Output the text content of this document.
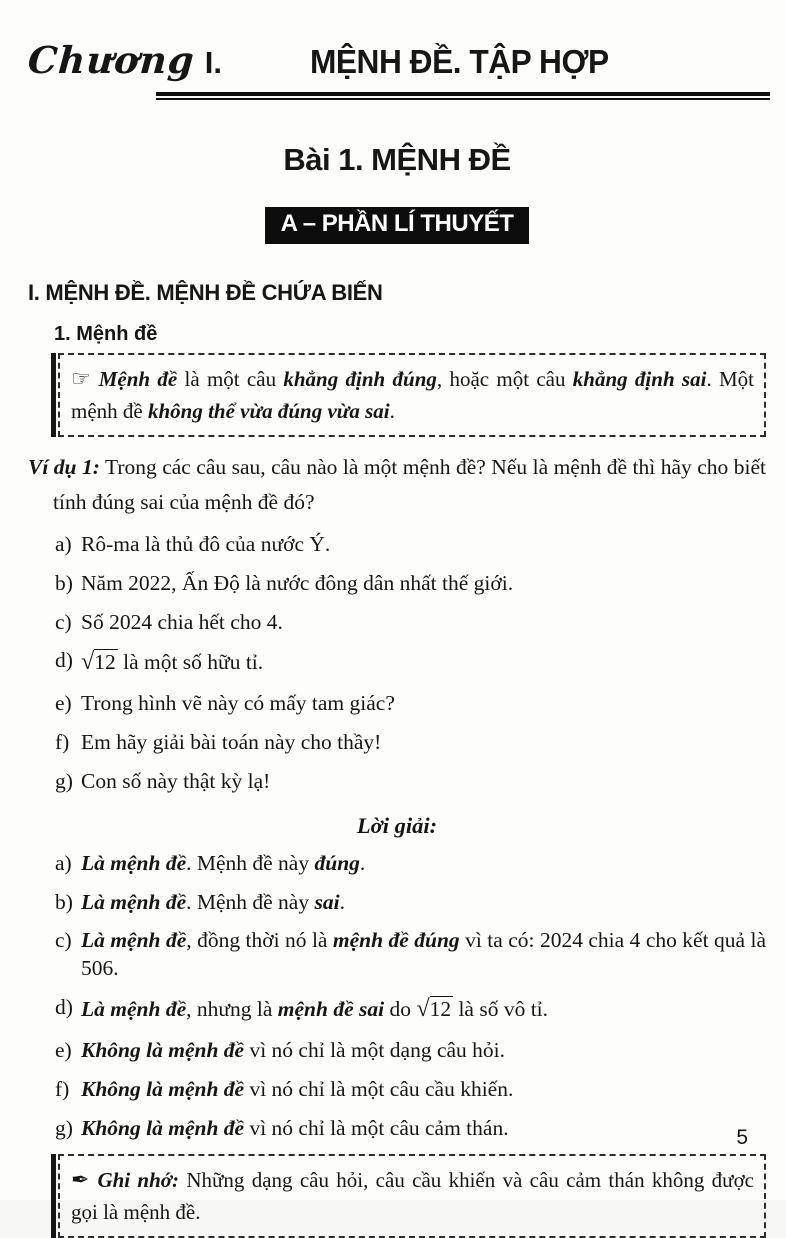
Chương I.	MỆNH ĐỀ. TẬP HỢP
Bài 1. MỆNH ĐỀ
A – PHẦN LÍ THUYẾT
I. MỆNH ĐỀ. MỆNH ĐỀ CHỨA BIẾN
1. Mệnh đề
☞ Mệnh đề là một câu khẳng định đúng, hoặc một câu khẳng định sai. Một mệnh đề không thể vừa đúng vừa sai.

Ví dụ 1: Trong các câu sau, câu nào là một mệnh đề? Nếu là mệnh đề thì hãy cho biết tính đúng sai của mệnh đề đó?

a) Rô-ma là thủ đô của nước Ý.
b) Năm 2022, Ấn Độ là nước đông dân nhất thế giới.
c) Số 2024 chia hết cho 4.
d) √12 là một số hữu tỉ.
e) Trong hình vẽ này có mấy tam giác?
f) Em hãy giải bài toán này cho thầy!
g) Con số này thật kỳ lạ!
Lời giải:
a) Là mệnh đề. Mệnh đề này đúng.
b) Là mệnh đề. Mệnh đề này sai.
c) Là mệnh đề, đồng thời nó là mệnh đề đúng vì ta có: 2024 chia 4 cho kết quả là 506.
d) Là mệnh đề, nhưng là mệnh đề sai do √12 là số vô tỉ.
e) Không là mệnh đề vì nó chỉ là một dạng câu hỏi.
f) Không là mệnh đề vì nó chỉ là một câu cầu khiến.
g) Không là mệnh đề vì nó chỉ là một câu cảm thán.
✒ Ghi nhớ: Những dạng câu hỏi, câu cầu khiến và câu cảm thán không được gọi là mệnh đề.
5
